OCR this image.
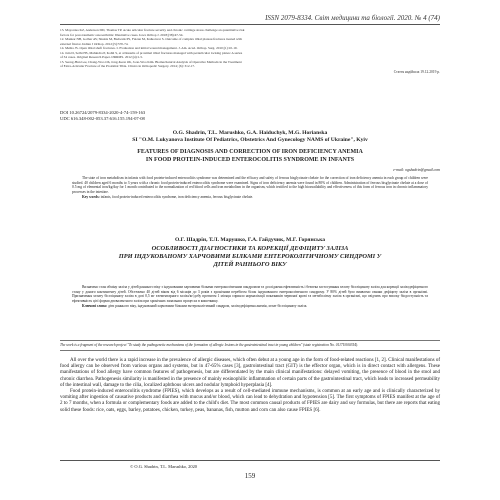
ISSN 2079-8334. Світ медицини та біології. 2020. № 4 (74)

13. Mayorska KZ, Anderson DD, Thomas TP. Acute articular fracture severity and chronic cartilage stress challenge an quantitative risk

factors for post-traumatic osteoarthritis: Illustrative cases. Iowa Orthop J. 2018;(38):47-54.

12. Mankar NB, Golhar AV, Shukla M, Badwaik PS, Faizan M, Kalkotwar S. Outcome of complex tibial plateau fractures treated with

external fixator. Indian J Orthop. 2012;(5):570-74.

14. Mehta JS. Open tibial shaft fractures. I. Evaluation and initial wound management. J. Am. Acad. Orthop. Surg. 2010;(1):10-19.

14. Jain D, Selhi HS, Mahindra P, Kohli S, et al Results of proximal tibial fractures managed with periarticular locking plates: A series

of 34 cases. Original Research Paper. IJRRMS. 2012;(4):1-5.

15. Seong-Hun Lee, Chang-Woo Oh, Jong-Keon Oh, Joon-Woo Kim. Biomechanical Analysis of Operative Methods in the Treatment

of Extra-Articular Fracture of the Proximal Tibia. Clinics in Orthopedic Surgery. 2014; (6): 312-17.

Стаття надійшла 19.12.2019 р.
DOI 10.26724/2079-8334-2020-4-74-159-163
UDC 616.348-002-053.37:616.155.194-07-08
O.G. Shadrin, T.L. Marushko, G.A. Haiduchyk, M.G. Horianska
SI "O.M. Lukyanova Institute Of Pediatrics, Obstetrics And Gynecology NAMS of Ukraine", Kyiv
FEATURES OF DIAGNOSIS AND CORRECTION OF IRON DEFICIENCY ANEMIA
IN FOOD PROTEIN-INDUCED ENTEROCOLITIS SYNDROME IN INFANTS
e-mail: ogshadrin@gmail.com

The state of iron metabolism in infants with food protein-induced enterocolitis syndrome was determined and the efficacy and safety of ferrous bisglycinate chelate for the correction of iron deficiency anemia in each group of children were studied. 40 children aged 6 months to 3 years with a chronic food protein-induced enterocolitis syndrome were examined. Signs of iron deficiency anemia were found in 80% of children. Administration of ferrous bisglycinate chelate at a dose of 0.5 mg of elemental iron/kg/day for 1 month contributed to the normalization of red blood cells and iron metabolism in the organism, which testified to the high bioavailability and effectiveness of this form of ferrous iron in chronic inflammatory processes in the intestine.

Key words: infants, food protein-induced enterocolitis syndrome, iron deficiency anemia, ferrous bisglycinate chelate.

О.Г. Шадрін, Т.Л. Марушко, Г.А. Гайдучик, М.Г. Горянська
ОСОБЛИВОСТІ ДІАГНОСТИКИ ТА КОРЕКЦІЇ ДЕФІЦИТУ ЗАЛІЗА
ПРИ ІНДУКОВАНОМУ ХАРЧОВИМИ БІЛКАМИ ЕНТЕРОКОЛІТИЧНОМУ СИНДРОМІ У
ДІТЕЙ РАННЬОГО ВІКУ

Визначено стан обміну заліза у дітей раннього віку з індукованим харчовими білками ентероколітичним синдромом та досліджена ефективність і безпека застосування хелату бісгліцинату заліза для корекції залізодефіцитного стану у даного контингенту дітей. Обстежено 40 дітей віком від 6 місяців до 3 років з хронічним перебігом білок індукованого ентероколітичного синдрому. У 80% дітей було виявлено ознаки дефіциту заліза в організмі. Призначення хелату бісгліцинату заліза в дозі 0,5 мг елементарного заліза/кг/добу протягом 1 місяця сприяло нормалізації показників червоної крові та метаболізму заліза в організмі, що свідчить про високу біодоступність та ефективність цієї форми двовалентного заліза при хронічних запальних процесах в кишечнику.

Ключові слова: діти раннього віку, індукований харчовими білками ентероколітичний синдром, залізодефіцитна анемія, хелат бісгліцинату заліза.

The work is a fragment of the research project "To study the pathogenetic mechanisms of the formation of allergic lesions in the gastrointestinal tract in young children" (state registration No. 0117U000354).

All over the world there is a rapid increase in the prevalence of allergic diseases, which often debut at a young age in the form of food-related reactions [1, 2]. Clinical manifestations of food allergy can be observed from various organs and systems, but in 47-65% cases [3], gastrointestinal tract (GIT) is the effector organ, which is in direct contact with allergens. These manifestations of food allergy have common features of pathogenesis, but are differentiated by the main clinical manifestations: delayed vomiting, the presence of blood in the stool and chronic diarrhea. Pathogenesis similarity is manifested in the presence of mainly eosinophilic inflammation of certain parts of the gastrointestinal tract, which leads to increased permeability of the intestinal wall, damage to the cilia, localized aphthous ulcers and nodular lymphoid hyperplasia [4].

Food protein-induced enterocolitis syndrome (FPIES), which develops as a result of cell-mediated immune mechanisms, is common at an early age and is clinically characterized by vomiting after ingestion of causative products and diarrhea with mucus and/or blood, which can lead to dehydration and hypotension [5]. The first symptoms of FPIES manifest at the age of 2 to 7 months, when a formula or complementary foods are added to the child's diet. The most common causal products of FPIES are dairy and soy formulas, but there are reports that eating solid these foods: rice, oats, eggs, barley, potatoes, chicken, turkey, peas, bananas, fish, mutton and corn can also cause FPIES [6].

© O.G. Shadrin, T.L. Marushko, 2020
159
